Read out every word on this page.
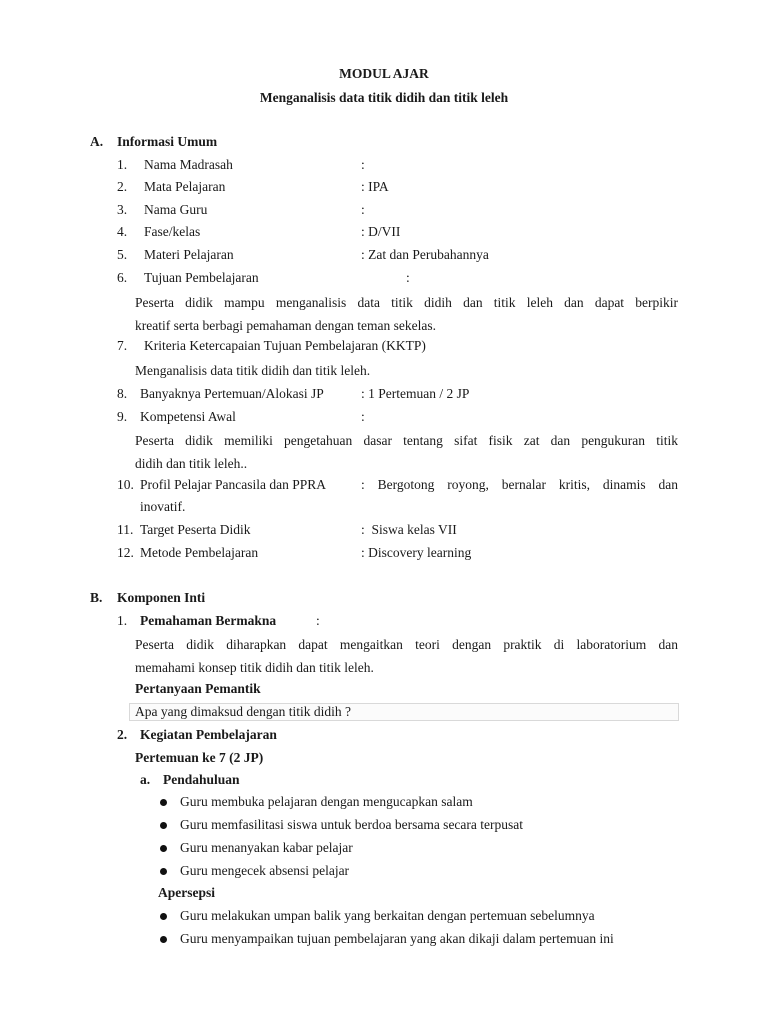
MODUL AJAR
Menganalisis data titik didih dan titik leleh
A. Informasi Umum
1. Nama Madrasah	:
2. Mata Pelajaran	: IPA
3. Nama Guru	:
4. Fase/kelas	: D/VII
5. Materi Pelajaran	: Zat dan Perubahannya
6. Tujuan Pembelajaran	:
Peserta didik mampu menganalisis data titik didih dan titik leleh dan dapat berpikir
kreatif serta berbagi pemahaman dengan teman sekelas.
7. Kriteria Ketercapaian Tujuan Pembelajaran (KKTP)
Menganalisis data titik didih dan titik leleh.
8. Banyaknya Pertemuan/Alokasi JP	: 1 Pertemuan / 2 JP
9. Kompetensi Awal	:
Peserta didik memiliki pengetahuan dasar tentang sifat fisik zat dan pengukuran titik
didih dan titik leleh..
10. Profil Pelajar Pancasila dan PPRA	:  Bergotong  royong,  bernalar  kritis,  dinamis  dan
inovatif.
11. Target Peserta Didik	:  Siswa kelas VII
12. Metode Pembelajaran	: Discovery learning
B. Komponen Inti
1. Pemahaman Bermakna	:
Peserta didik diharapkan dapat mengaitkan teori dengan praktik di laboratorium dan
memahami konsep titik didih dan titik leleh.
Pertanyaan Pemantik
Apa yang dimaksud dengan titik didih ?
2. Kegiatan Pembelajaran
Pertemuan ke 7 (2 JP)
a. Pendahuluan
Guru membuka pelajaran dengan mengucapkan salam
Guru memfasilitasi siswa untuk berdoa bersama secara terpusat
Guru menanyakan kabar pelajar
Guru mengecek absensi pelajar
Apersepsi
Guru melakukan umpan balik yang berkaitan dengan pertemuan sebelumnya
Guru menyampaikan tujuan pembelajaran yang akan dikaji dalam pertemuan ini
